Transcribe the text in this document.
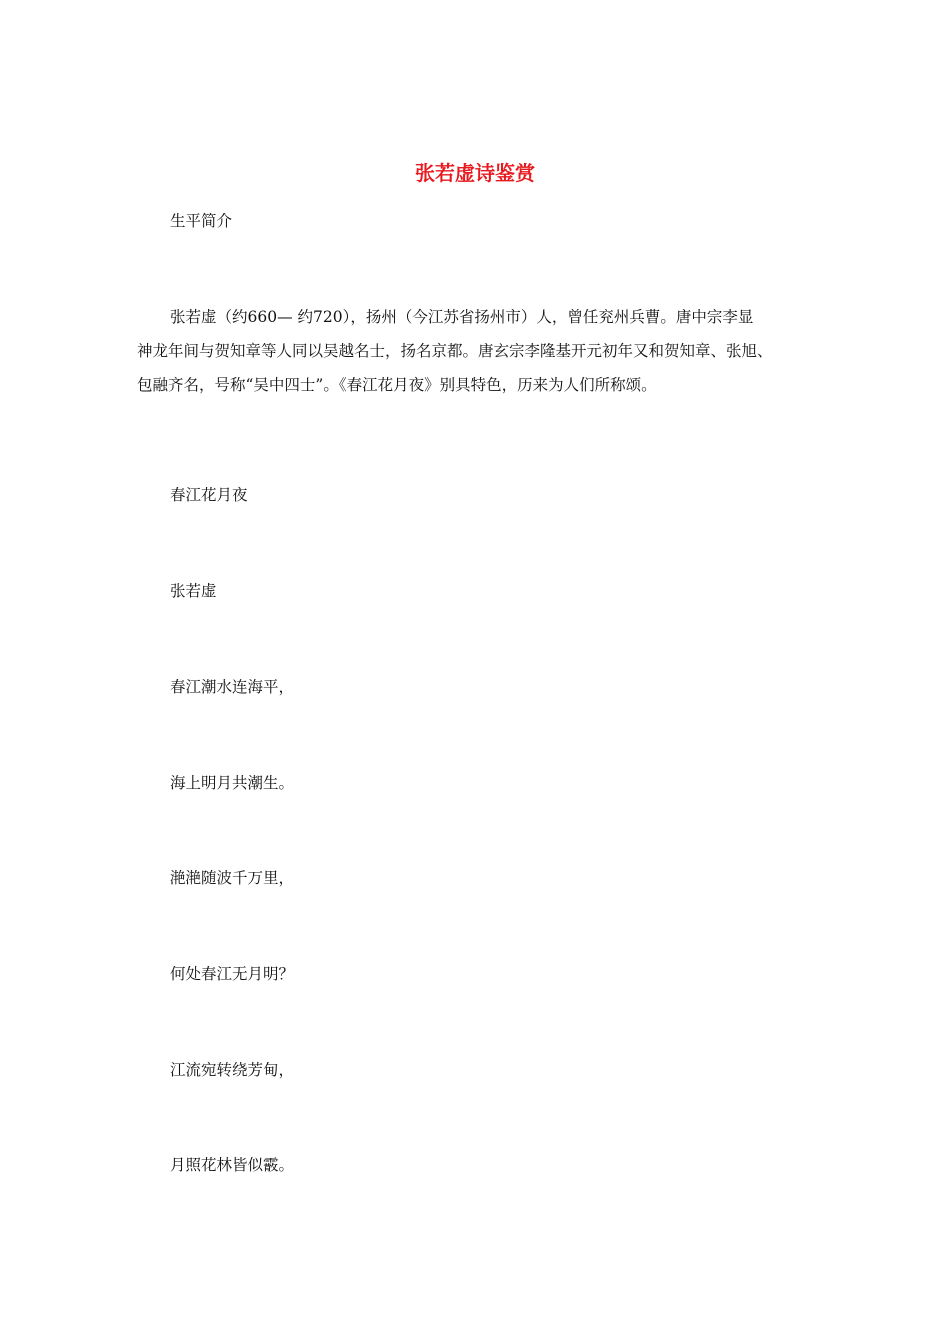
张若虚诗鉴赏
生平简介

张若虚（约660— 约720），扬州（今江苏省扬州市）人，曾任兖州兵曹。唐中宗李显

神龙年间与贺知章等人同以吴越名士，扬名京都。唐玄宗李隆基开元初年又和贺知章、张旭、

包融齐名，号称“吴中四士”。《春江花月夜》别具特色，历来为人们所称颂。

春江花月夜
张若虚
春江潮水连海平，
海上明月共潮生。
滟滟随波千万里，
何处春江无月明？
江流宛转绕芳甸，
月照花林皆似霰。
